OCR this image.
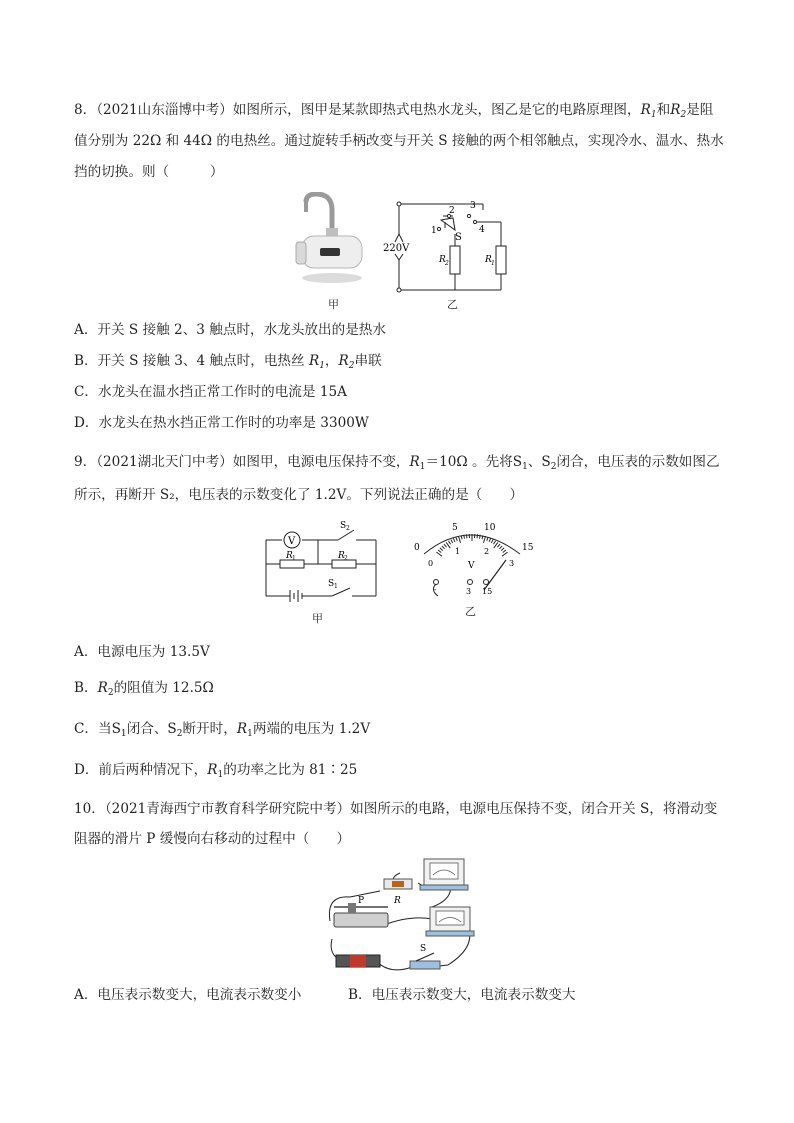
8．（2021山东淄博中考）如图所示，图甲是某款即热式电热水龙头，图乙是它的电路原理图，$R_1$和$R_2$是阻
值分别为 22Ω 和 44Ω 的电热丝。通过旋转手柄改变与开关 S 接触的两个相邻触点，实现冷水、温水、热水
挡的切换。则（　　　）
甲
220V
S
1
2 3
4
R 2	R 1
乙
A．开关 S 接触 2、3 触点时，水龙头放出的是热水
B．开关 S 接触 3、4 触点时，电热丝 $R_1$，$R_2$串联
C．水龙头在温水挡正常工作时的电流是 15A
D．水龙头在热水挡正常工作时的功率是 3300W
9．（2021湖北天门中考）如图甲，电源电压保持不变，$R_1=10\Omega$ 。先将$S_1$、$S_2$闭合，电压表的示数如图乙
所示，再断开 S₂，电压表的示数变化了 1.2V。下列说法正确的是（　　）
V
R 1	R 2
S 2
S 1
甲
0
5	10
15
0
1	2
3
V
-	3 15
乙
A．电源电压为 13.5V
B．$R_2$的阻值为 12.5Ω
C．当$S_1$闭合、$S_2$断开时，$R_1$两端的电压为 1.2V
D．前后两种情况下，$R_1$的功率之比为 81∶25
10．（2021青海西宁市教育科学研究院中考）如图所示的电路，电源电压保持不变，闭合开关 S，将滑动变
阻器的滑片 P 缓慢向右移动的过程中（　　）
R
P
S
A．电压表示数变大，电流表示数变小	B．电压表示数变大，电流表示数变大
